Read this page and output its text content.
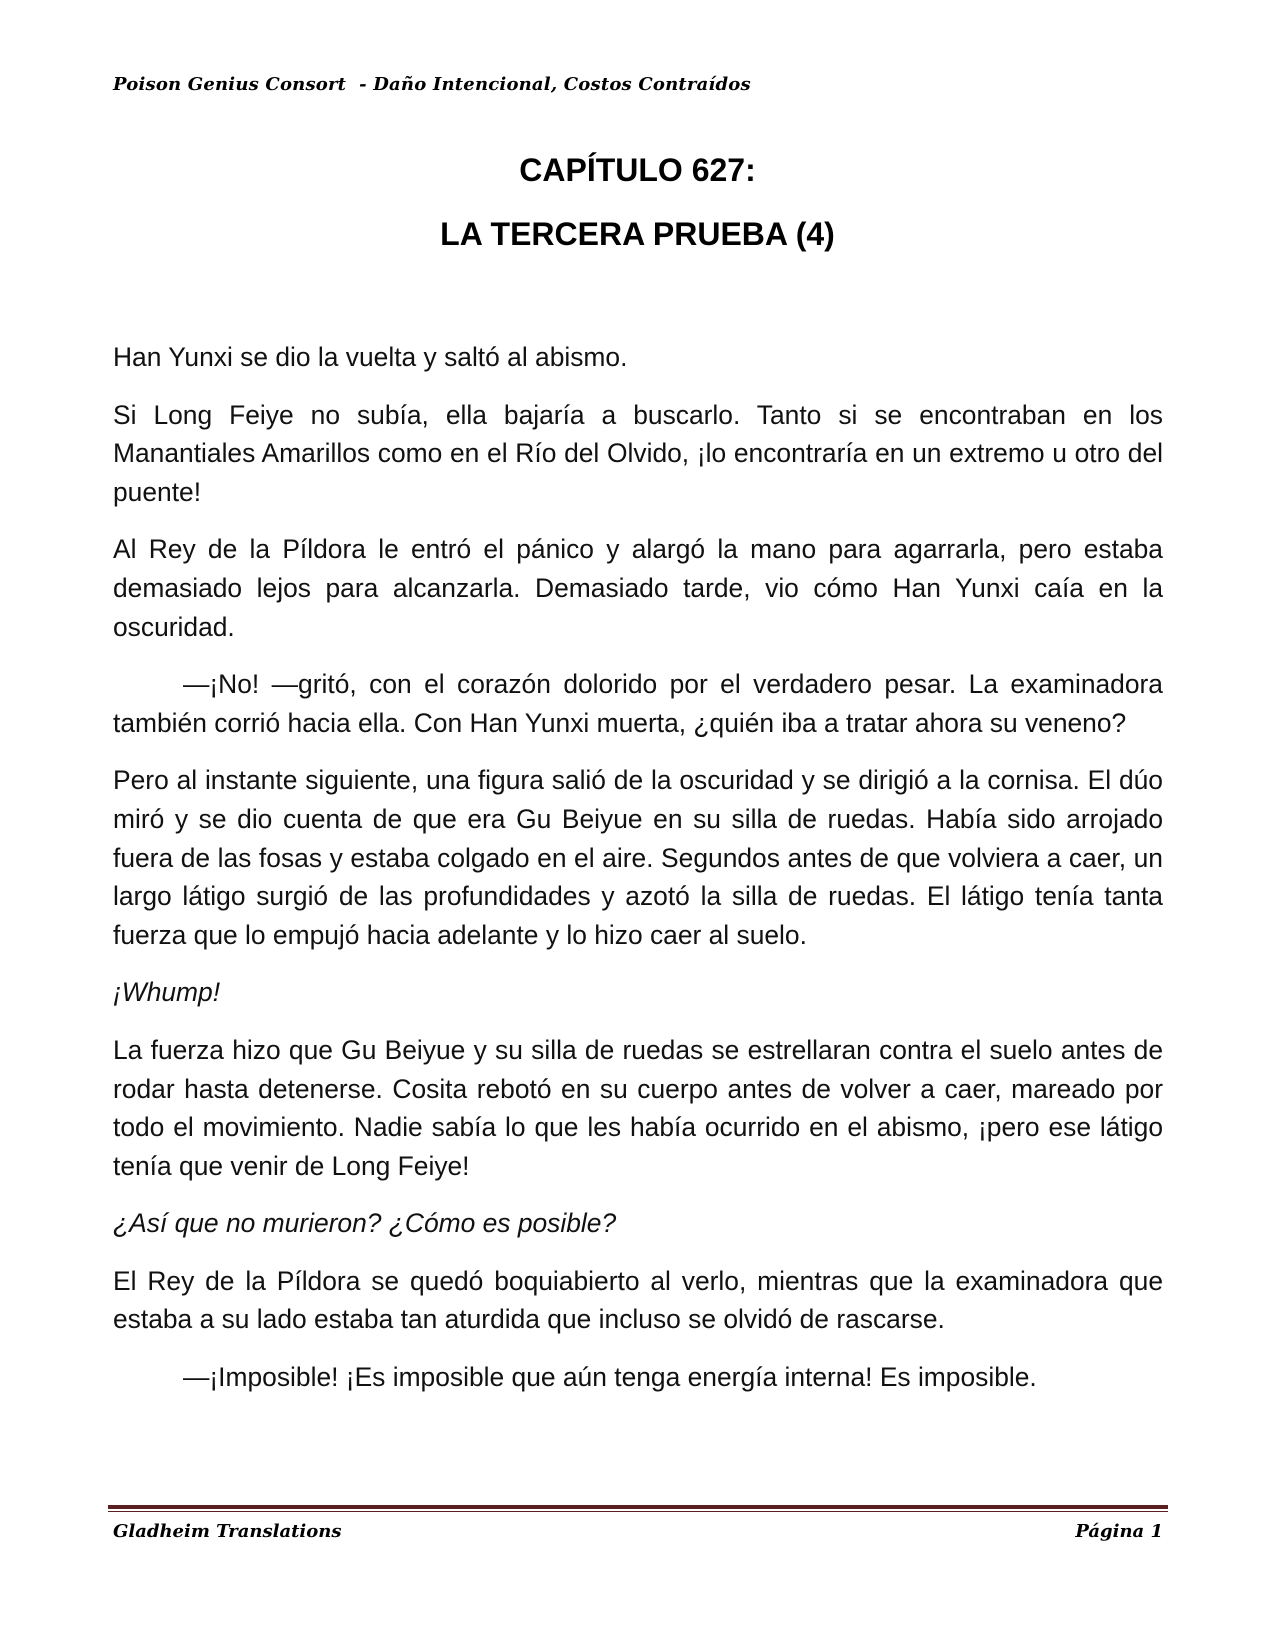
Poison Genius Consort  - Daño Intencional, Costos Contraídos
CAPÍTULO 627:
LA TERCERA PRUEBA (4)

Han Yunxi se dio la vuelta y saltó al abismo.

Si Long Feiye no subía, ella bajaría a buscarlo. Tanto si se encontraban en los Manantiales Amarillos como en el Río del Olvido, ¡lo encontraría en un extremo u otro del puente!

Al Rey de la Píldora le entró el pánico y alargó la mano para agarrarla, pero estaba demasiado lejos para alcanzarla. Demasiado tarde, vio cómo Han Yunxi caía en la oscuridad.

—¡No! —gritó, con el corazón dolorido por el verdadero pesar. La examinadora también corrió hacia ella. Con Han Yunxi muerta, ¿quién iba a tratar ahora su veneno?

Pero al instante siguiente, una figura salió de la oscuridad y se dirigió a la cornisa. El dúo miró y se dio cuenta de que era Gu Beiyue en su silla de ruedas. Había sido arrojado fuera de las fosas y estaba colgado en el aire. Segundos antes de que volviera a caer, un largo látigo surgió de las profundidades y azotó la silla de ruedas. El látigo tenía tanta fuerza que lo empujó hacia adelante y lo hizo caer al suelo.

¡Whump!

La fuerza hizo que Gu Beiyue y su silla de ruedas se estrellaran contra el suelo antes de rodar hasta detenerse. Cosita rebotó en su cuerpo antes de volver a caer, mareado por todo el movimiento. Nadie sabía lo que les había ocurrido en el abismo, ¡pero ese látigo tenía que venir de Long Feiye!

¿Así que no murieron? ¿Cómo es posible?

El Rey de la Píldora se quedó boquiabierto al verlo, mientras que la examinadora que estaba a su lado estaba tan aturdida que incluso se olvidó de rascarse.

—¡Imposible! ¡Es imposible que aún tenga energía interna! Es imposible.

Gladheim Translations	Página 1
